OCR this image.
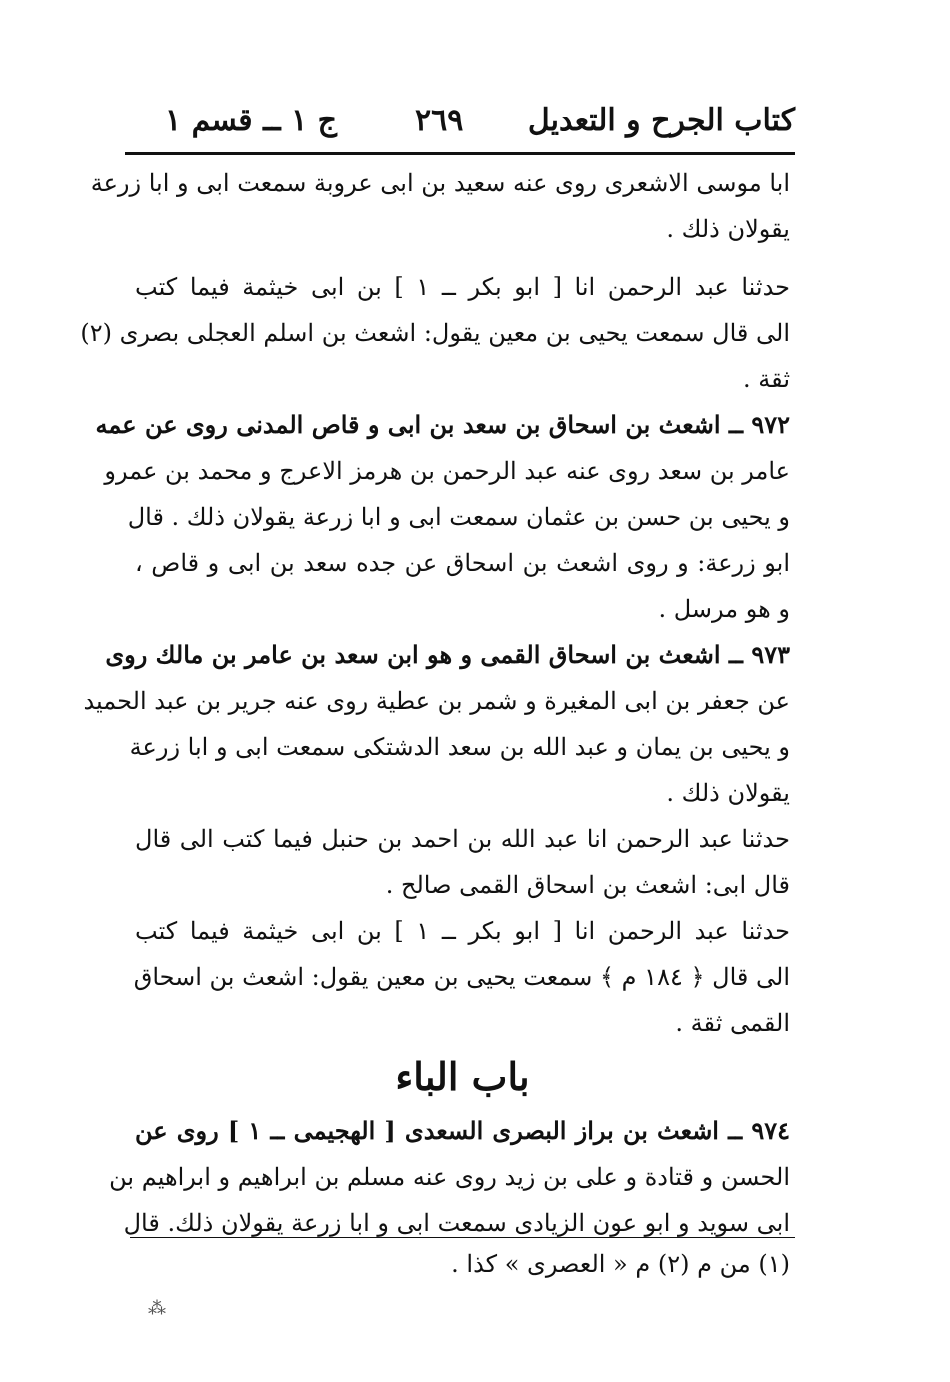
كتاب الجرح و التعديل
٢٦٩
ج ١ ــ قسم ١
ابا موسى الاشعرى روى عنه سعيد بن ابى عروبة سمعت ابى و ابا زرعة
يقولان ذلك .
حدثنا عبد الرحمن انا [ ابو بكر ــ ١ ] بن ابى خيثمة فيما كتب
الى قال سمعت يحيى بن معين يقول: اشعث بن اسلم العجلى بصرى (٢)
ثقة .
٩٧٢ ــ اشعث بن اسحاق بن سعد بن ابى و قاص المدنى روى عن عمه
عامر بن سعد روى عنه عبد الرحمن بن هرمز الاعرج و محمد بن عمرو
و يحيى بن حسن بن عثمان سمعت ابى و ابا زرعة يقولان ذلك . قال
ابو زرعة: و روى اشعث بن اسحاق عن جده سعد بن ابى و قاص ،
و هو مرسل .
٩٧٣ ــ اشعث بن اسحاق القمى و هو ابن سعد بن عامر بن مالك روى
عن جعفر بن ابى المغيرة و شمر بن عطية روى عنه جرير بن عبد الحميد
و يحيى بن يمان و عبد الله بن سعد الدشتكى سمعت ابى و ابا زرعة
يقولان ذلك .
حدثنا عبد الرحمن انا عبد الله بن احمد بن حنبل فيما كتب الى قال
قال ابى: اشعث بن اسحاق القمى صالح .
حدثنا عبد الرحمن انا [ ابو بكر ــ ١ ] بن ابى خيثمة فيما كتب
الى قال ﴿ ١٨٤ م ﴾ سمعت يحيى بن معين يقول: اشعث بن اسحاق
القمى ثقة .
باب الباء
٩٧٤ ــ اشعث بن براز البصرى السعدى [ الهجيمى ــ ١ ] روى عن
الحسن و قتادة و على بن زيد روى عنه مسلم بن ابراهيم و ابراهيم بن
ابى سويد و ابو عون الزيادى سمعت ابى و ابا زرعة يقولان ذلك. قال
(١) من م (٢) م « العصرى » كذا .
⁂
